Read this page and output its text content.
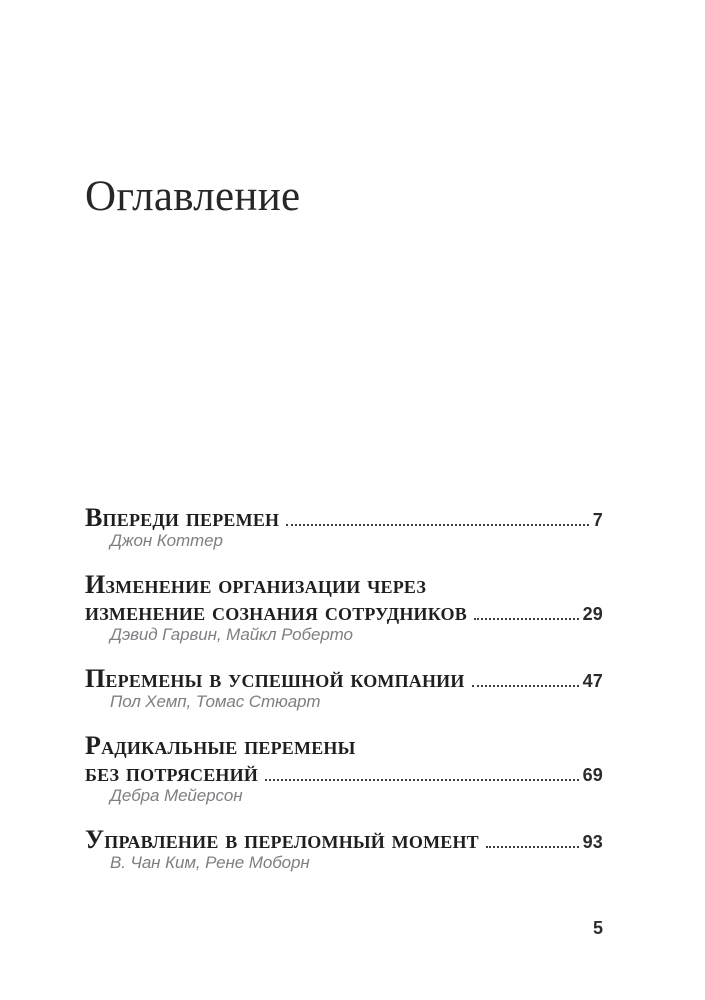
Оглавление
Впереди перемен	7
Джон Коттер
Изменение организации через
изменение сознания сотрудников	29
Дэвид Гарвин, Майкл Роберто
Перемены в успешной компании	47
Пол Хемп, Томас Стюарт
Радикальные перемены
без потрясений	69
Дебра Мейерсон
Управление в переломный момент	93
В. Чан Ким, Рене Моборн
5
